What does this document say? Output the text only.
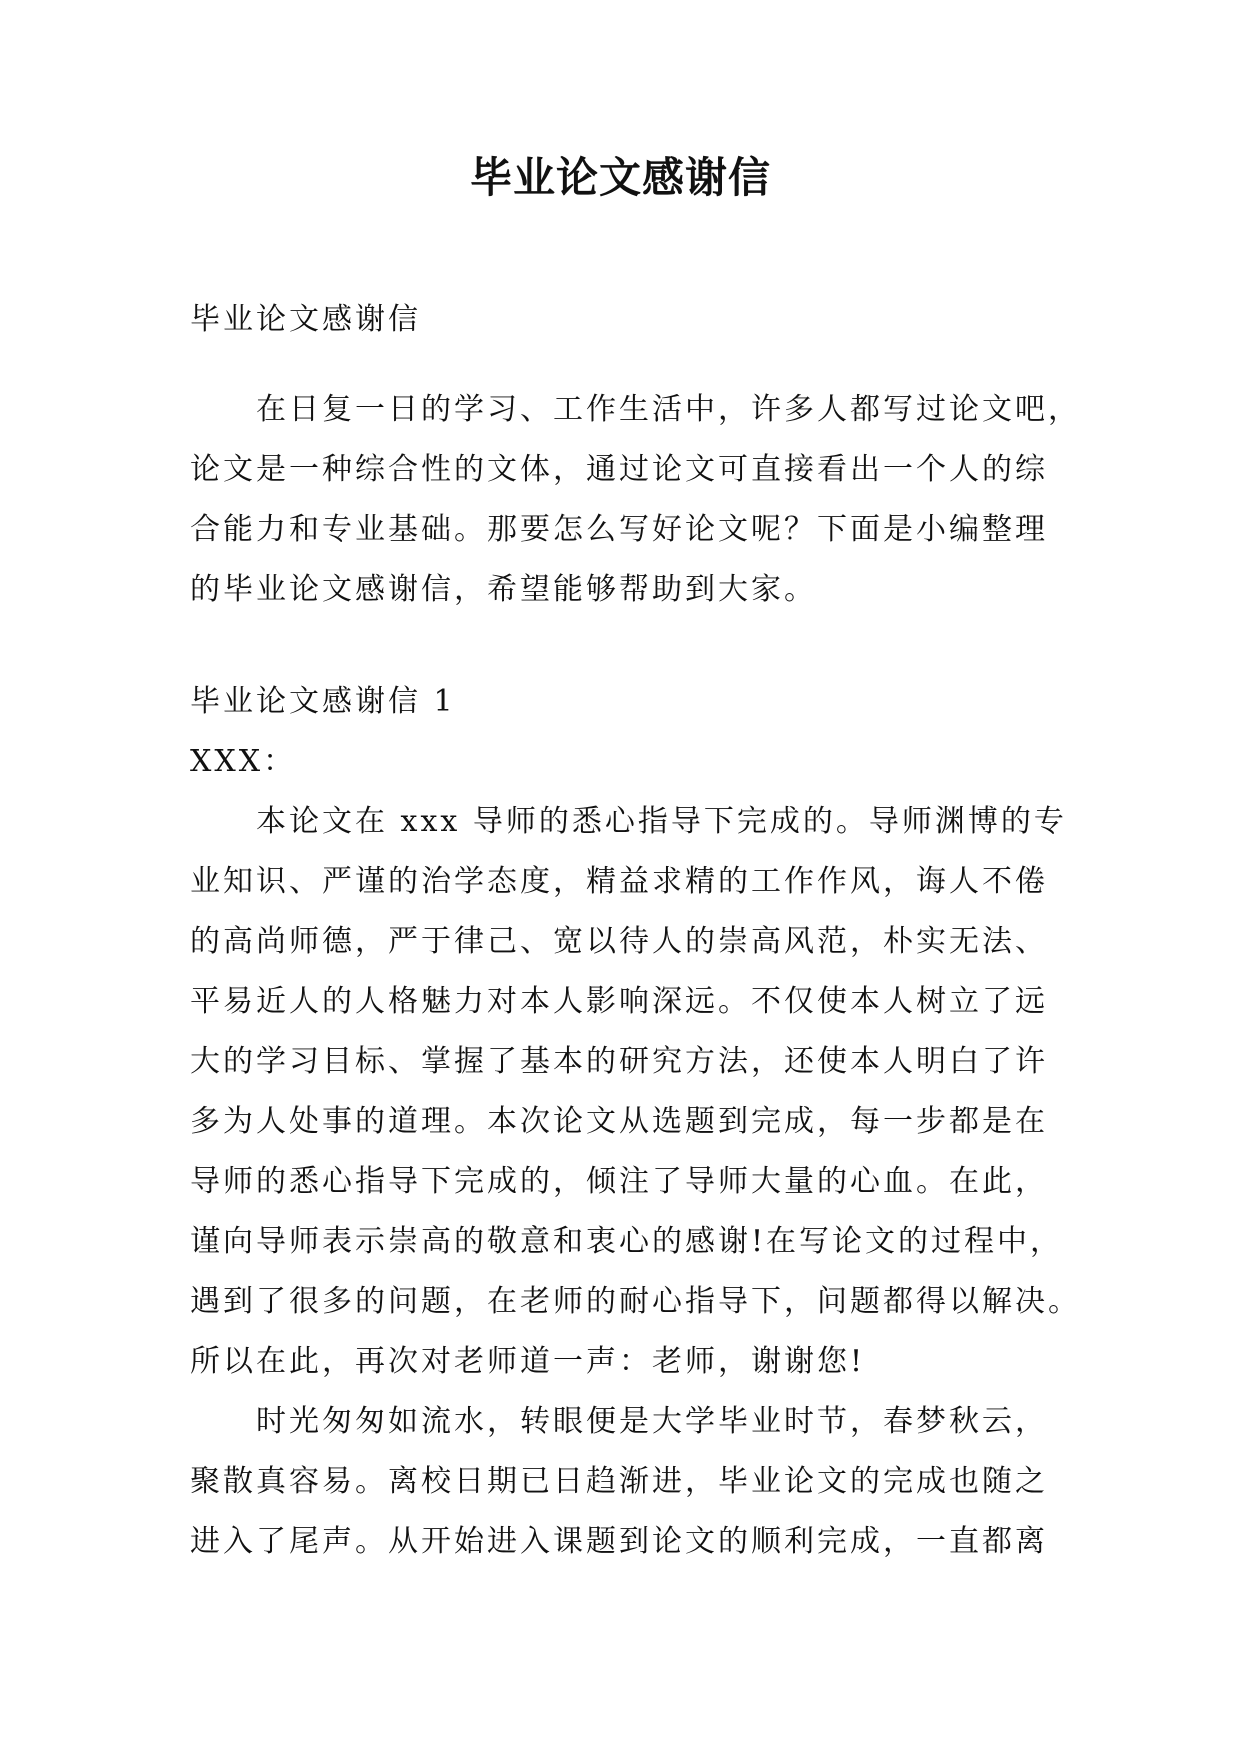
毕业论文感谢信
毕业论文感谢信
在日复一日的学习、工作生活中，许多人都写过论文吧，
论文是一种综合性的文体，通过论文可直接看出一个人的综
合能力和专业基础。那要怎么写好论文呢？下面是小编整理
的毕业论文感谢信，希望能够帮助到大家。
毕业论文感谢信 1
XXX：
本论文在 xxx 导师的悉心指导下完成的。导师渊博的专
业知识、严谨的治学态度，精益求精的工作作风，诲人不倦
的高尚师德，严于律己、宽以待人的崇高风范，朴实无法、
平易近人的人格魅力对本人影响深远。不仅使本人树立了远
大的学习目标、掌握了基本的研究方法，还使本人明白了许
多为人处事的道理。本次论文从选题到完成，每一步都是在
导师的悉心指导下完成的，倾注了导师大量的心血。在此，
谨向导师表示崇高的敬意和衷心的感谢!在写论文的过程中，
遇到了很多的问题，在老师的耐心指导下，问题都得以解决。
所以在此，再次对老师道一声：老师，谢谢您!
时光匆匆如流水，转眼便是大学毕业时节，春梦秋云，
聚散真容易。离校日期已日趋渐进，毕业论文的完成也随之
进入了尾声。从开始进入课题到论文的顺利完成，一直都离
